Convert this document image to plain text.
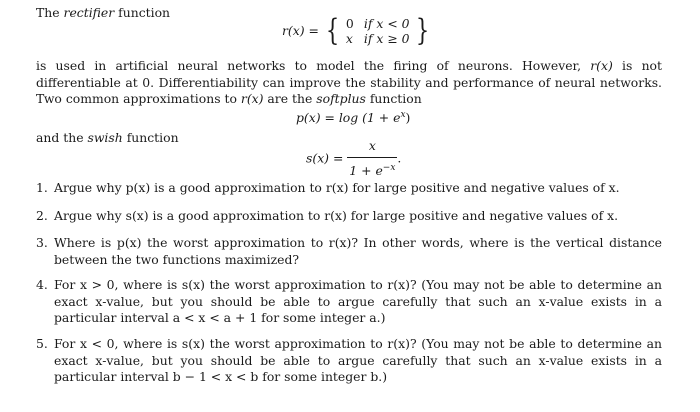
The rectifier function
r(x) = { 0 if x < 0
x if x ≥ 0 }
is used in artificial neural networks to model the firing of neurons. However, r(x) is not differentiable at 0. Differentiability can improve the stability and performance of neural networks. Two common approximations to r(x) are the softplus function
$p(x) = \log (1 + e^x)$
and the swish function
$s(x) = \frac{x}{1 + e^{-x}}$ .
1. Argue why p(x) is a good approximation to r(x) for large positive and negative values of x.
2. Argue why s(x) is a good approximation to r(x) for large positive and negative values of x.
3. Where is p(x) the worst approximation to r(x)? In other words, where is the vertical distance between the two functions maximized?
4. For x > 0, where is s(x) the worst approximation to r(x)? (You may not be able to determine an exact x-value, but you should be able to argue carefully that such an x-value exists in a particular interval a < x < a + 1 for some integer a.)
5. For x < 0, where is s(x) the worst approximation to r(x)? (You may not be able to determine an exact x-value, but you should be able to argue carefully that such an x-value exists in a particular interval b − 1 < x < b for some integer b.)
